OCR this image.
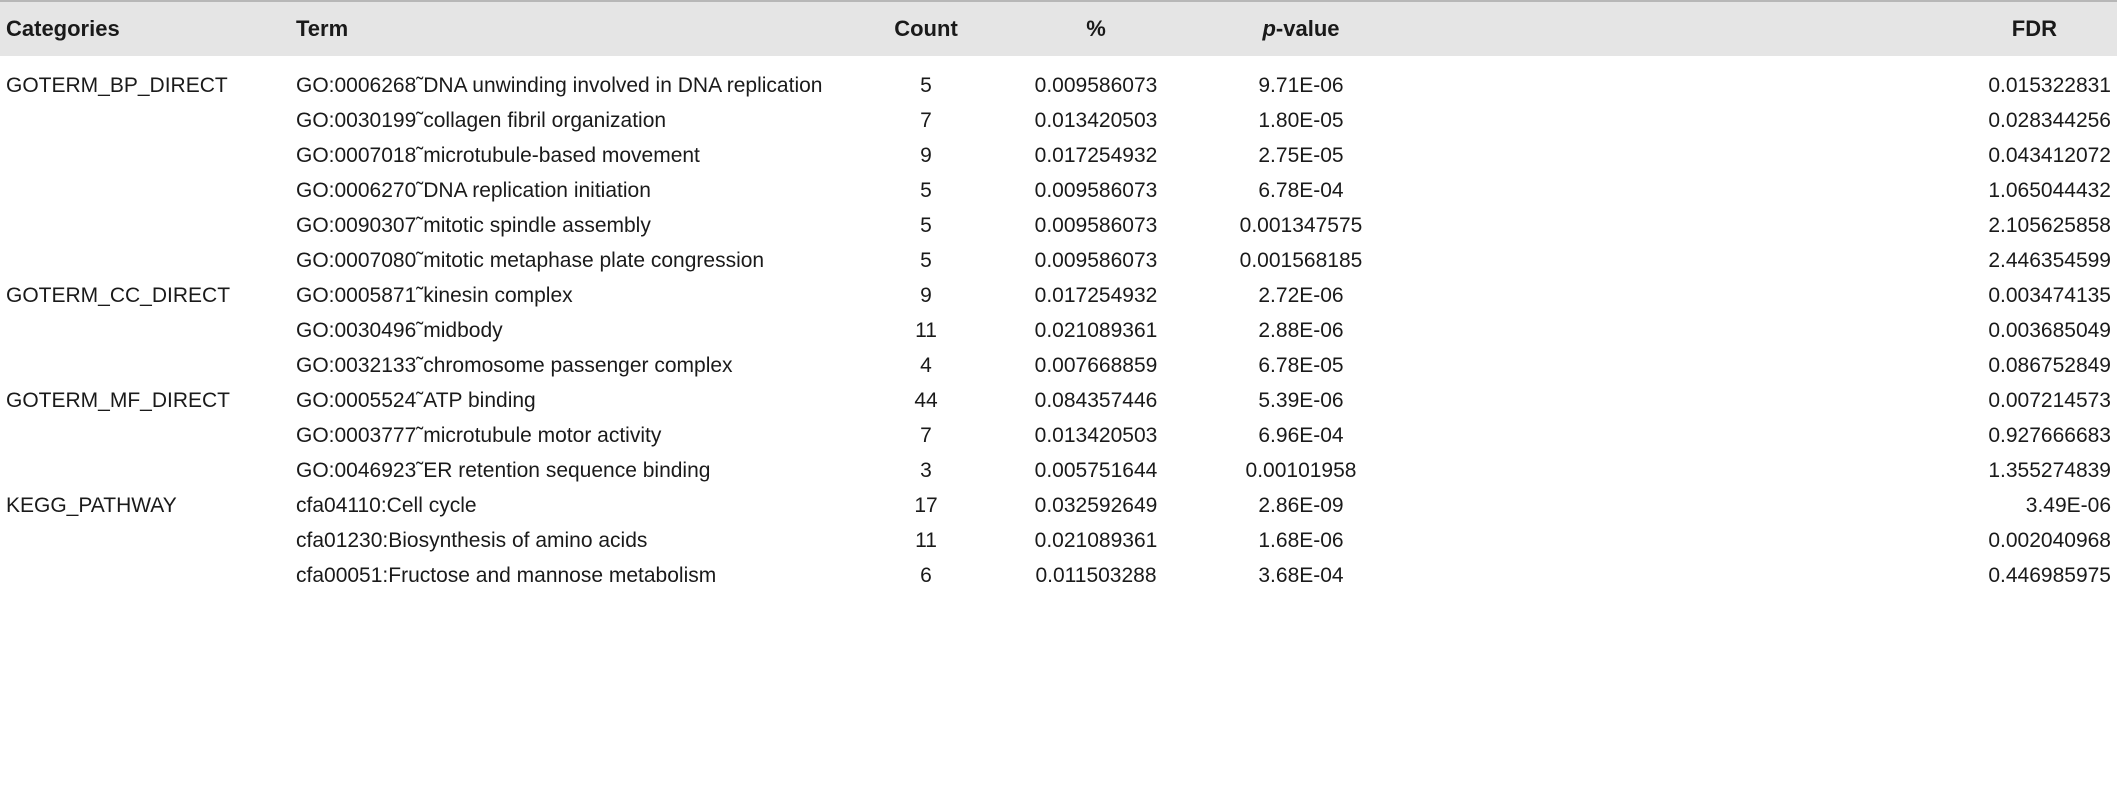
Categories	Term	Count	%	p-value	FDR
GOTERM_BP_DIRECT	GO:0006268˜DNA unwinding involved in DNA replication	5	0.009586073	9.71E-06	0.015322831
	GO:0030199˜collagen fibril organization	7	0.013420503	1.80E-05	0.028344256
	GO:0007018˜microtubule-based movement	9	0.017254932	2.75E-05	0.043412072
	GO:0006270˜DNA replication initiation	5	0.009586073	6.78E-04	1.065044432
	GO:0090307˜mitotic spindle assembly	5	0.009586073	0.001347575	2.105625858
	GO:0007080˜mitotic metaphase plate congression	5	0.009586073	0.001568185	2.446354599
GOTERM_CC_DIRECT	GO:0005871˜kinesin complex	9	0.017254932	2.72E-06	0.003474135
	GO:0030496˜midbody	11	0.021089361	2.88E-06	0.003685049
	GO:0032133˜chromosome passenger complex	4	0.007668859	6.78E-05	0.086752849
GOTERM_MF_DIRECT	GO:0005524˜ATP binding	44	0.084357446	5.39E-06	0.007214573
	GO:0003777˜microtubule motor activity	7	0.013420503	6.96E-04	0.927666683
	GO:0046923˜ER retention sequence binding	3	0.005751644	0.00101958	1.355274839
KEGG_PATHWAY	cfa04110:Cell cycle	17	0.032592649	2.86E-09	3.49E-06
	cfa01230:Biosynthesis of amino acids	11	0.021089361	1.68E-06	0.002040968
	cfa00051:Fructose and mannose metabolism	6	0.011503288	3.68E-04	0.446985975
